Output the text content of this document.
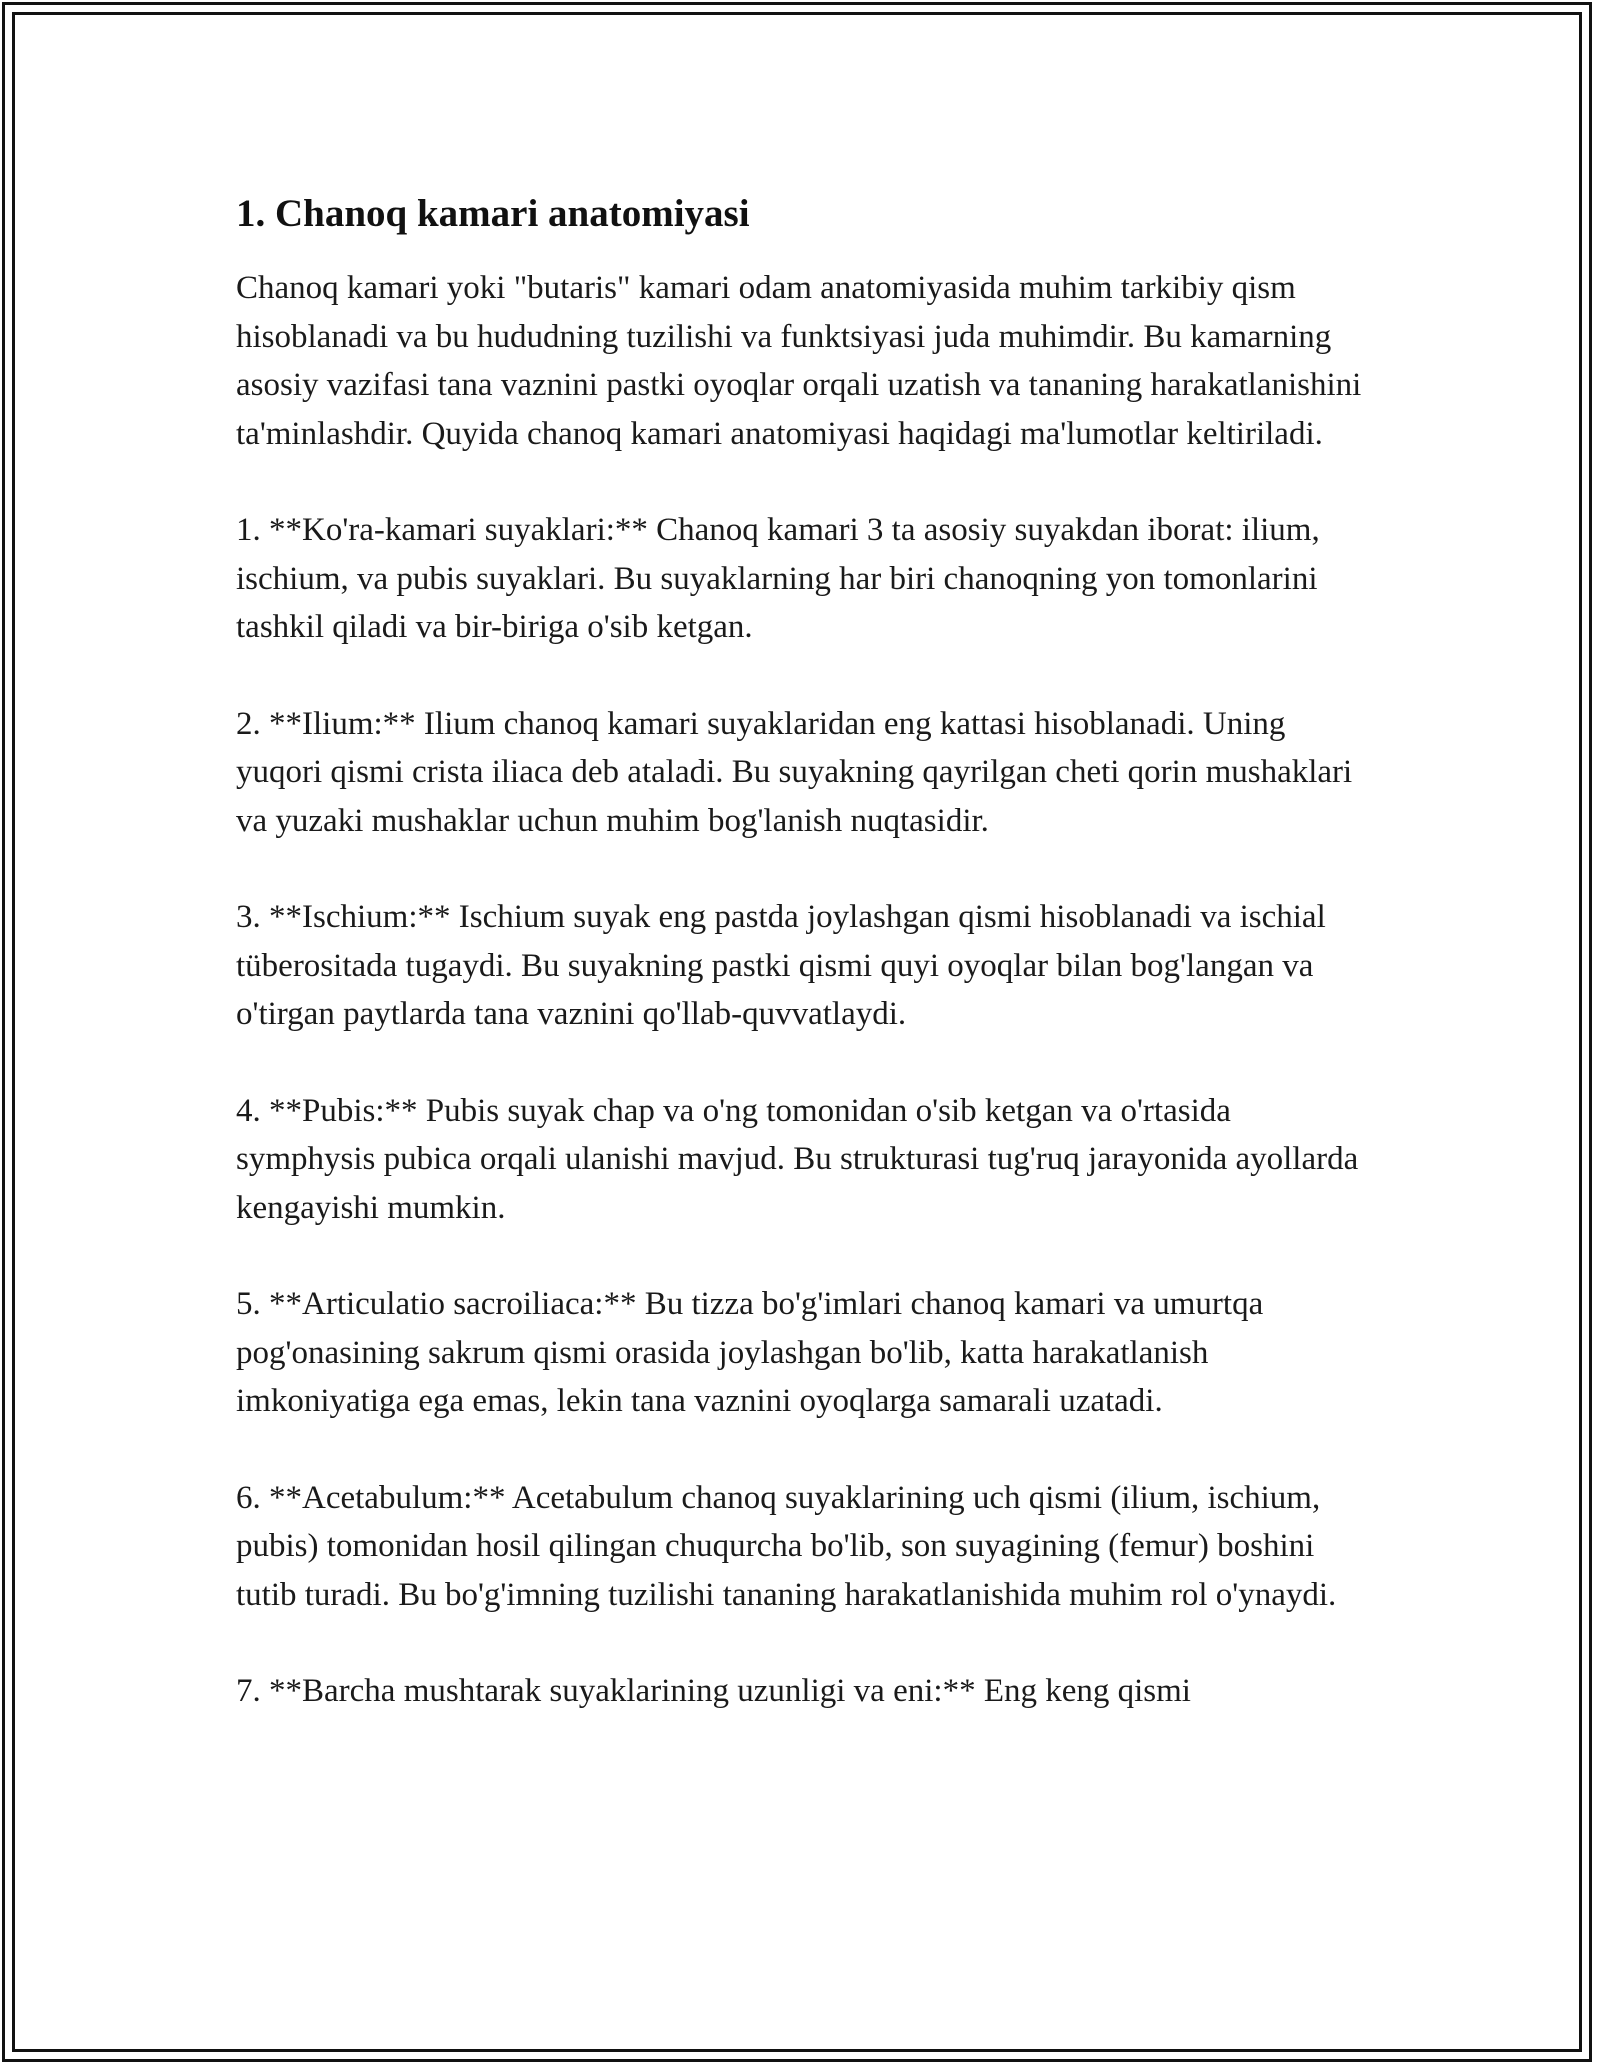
1. Chanoq kamari anatomiyasi

Chanoq kamari yoki "butaris" kamari odam anatomiyasida muhim tarkibiy qism hisoblanadi va bu hududning tuzilishi va funktsiyasi juda muhimdir. Bu kamarning asosiy vazifasi tana vaznini pastki oyoqlar orqali uzatish va tananing harakatlanishini ta'minlashdir. Quyida chanoq kamari anatomiyasi haqidagi ma'lumotlar keltiriladi.

1. **Ko'ra-kamari suyaklari:** Chanoq kamari 3 ta asosiy suyakdan iborat: ilium, ischium, va pubis suyaklari. Bu suyaklarning har biri chanoqning yon tomonlarini tashkil qiladi va bir-biriga o'sib ketgan.

2. **Ilium:** Ilium chanoq kamari suyaklaridan eng kattasi hisoblanadi. Uning yuqori qismi crista iliaca deb ataladi. Bu suyakning qayrilgan cheti qorin mushaklari va yuzaki mushaklar uchun muhim bog'lanish nuqtasidir.

3. **Ischium:** Ischium suyak eng pastda joylashgan qismi hisoblanadi va ischial tüberositada tugaydi. Bu suyakning pastki qismi quyi oyoqlar bilan bog'langan va o'tirgan paytlarda tana vaznini qo'llab-quvvatlaydi.

4. **Pubis:** Pubis suyak chap va o'ng tomonidan o'sib ketgan va o'rtasida symphysis pubica orqali ulanishi mavjud. Bu strukturasi tug'ruq jarayonida ayollarda kengayishi mumkin.

5. **Articulatio sacroiliaca:** Bu tizza bo'g'imlari chanoq kamari va umurtqa pog'onasining sakrum qismi orasida joylashgan bo'lib, katta harakatlanish imkoniyatiga ega emas, lekin tana vaznini oyoqlarga samarali uzatadi.

6. **Acetabulum:** Acetabulum chanoq suyaklarining uch qismi (ilium, ischium, pubis) tomonidan hosil qilingan chuqurcha bo'lib, son suyagining (femur) boshini tutib turadi. Bu bo'g'imning tuzilishi tananing harakatlanishida muhim rol o'ynaydi.

7. **Barcha mushtarak suyaklarining uzunligi va eni:** Eng keng qismi
